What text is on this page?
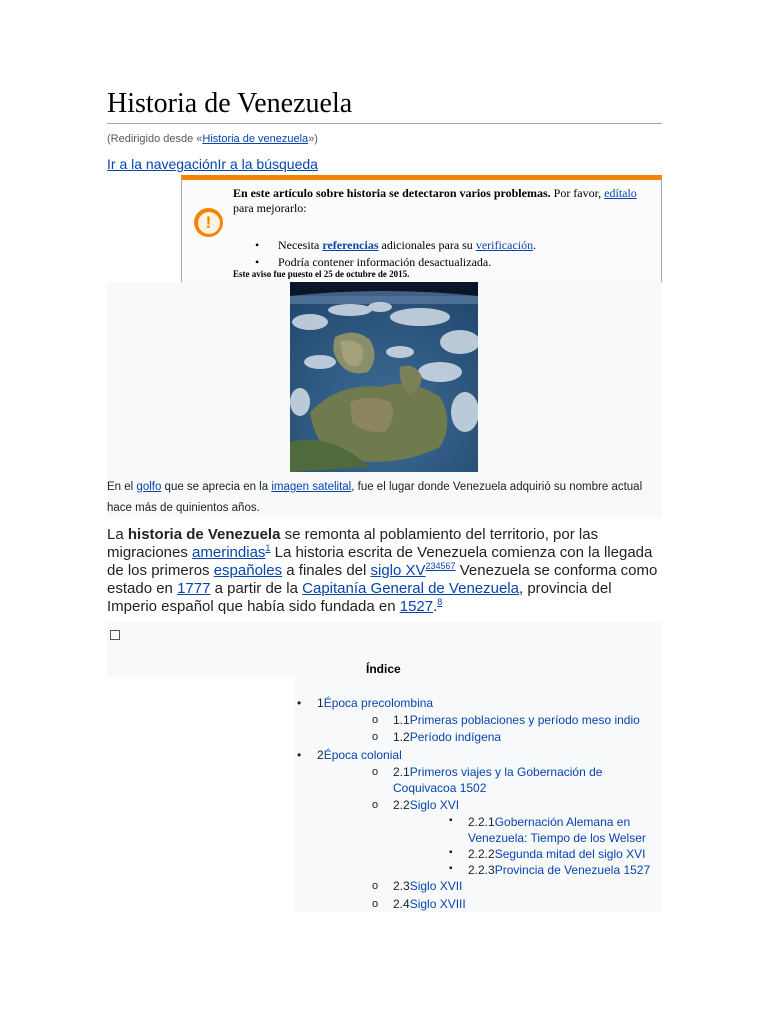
Historia de Venezuela
(Redirigido desde «Historia de venezuela»)
Ir a la navegaciónIr a la búsqueda
!
En este artículo sobre historia se detectaron varios problemas. Por favor, edítalo para mejorarlo:
• Necesita referencias adicionales para su verificación.
• Podría contener información desactualizada.
Este aviso fue puesto el 25 de octubre de 2015.
En el golfo que se aprecia en la imagen satelital, fue el lugar donde Venezuela adquirió su nombre actual hace más de quinientos años.
La historia de Venezuela se remonta al poblamiento del territorio, por las migraciones amerindias$^1$ La historia escrita de Venezuela comienza con la llegada de los primeros españoles a finales del siglo $XV^{234567}$ Venezuela se conforma como estado en 1777 a partir de la Capitanía General de Venezuela, provincia del Imperio español que había sido fundada en 1527.$^8$
Índice
• 1Época precolombina
o 1.1Primeras poblaciones y período meso indio
o 1.2Período indígena
• 2Época colonial
o 2.1Primeros viajes y la Gobernación de
Coquivacoa 1502
o 2.2Siglo XVI
▪ 2.2.1Gobernación Alemana en
Venezuela: Tiempo de los Welser
▪ 2.2.2Segunda mitad del siglo XVI
▪ 2.2.3Provincia de Venezuela 1527
o 2.3Siglo XVII
o 2.4Siglo XVIII
